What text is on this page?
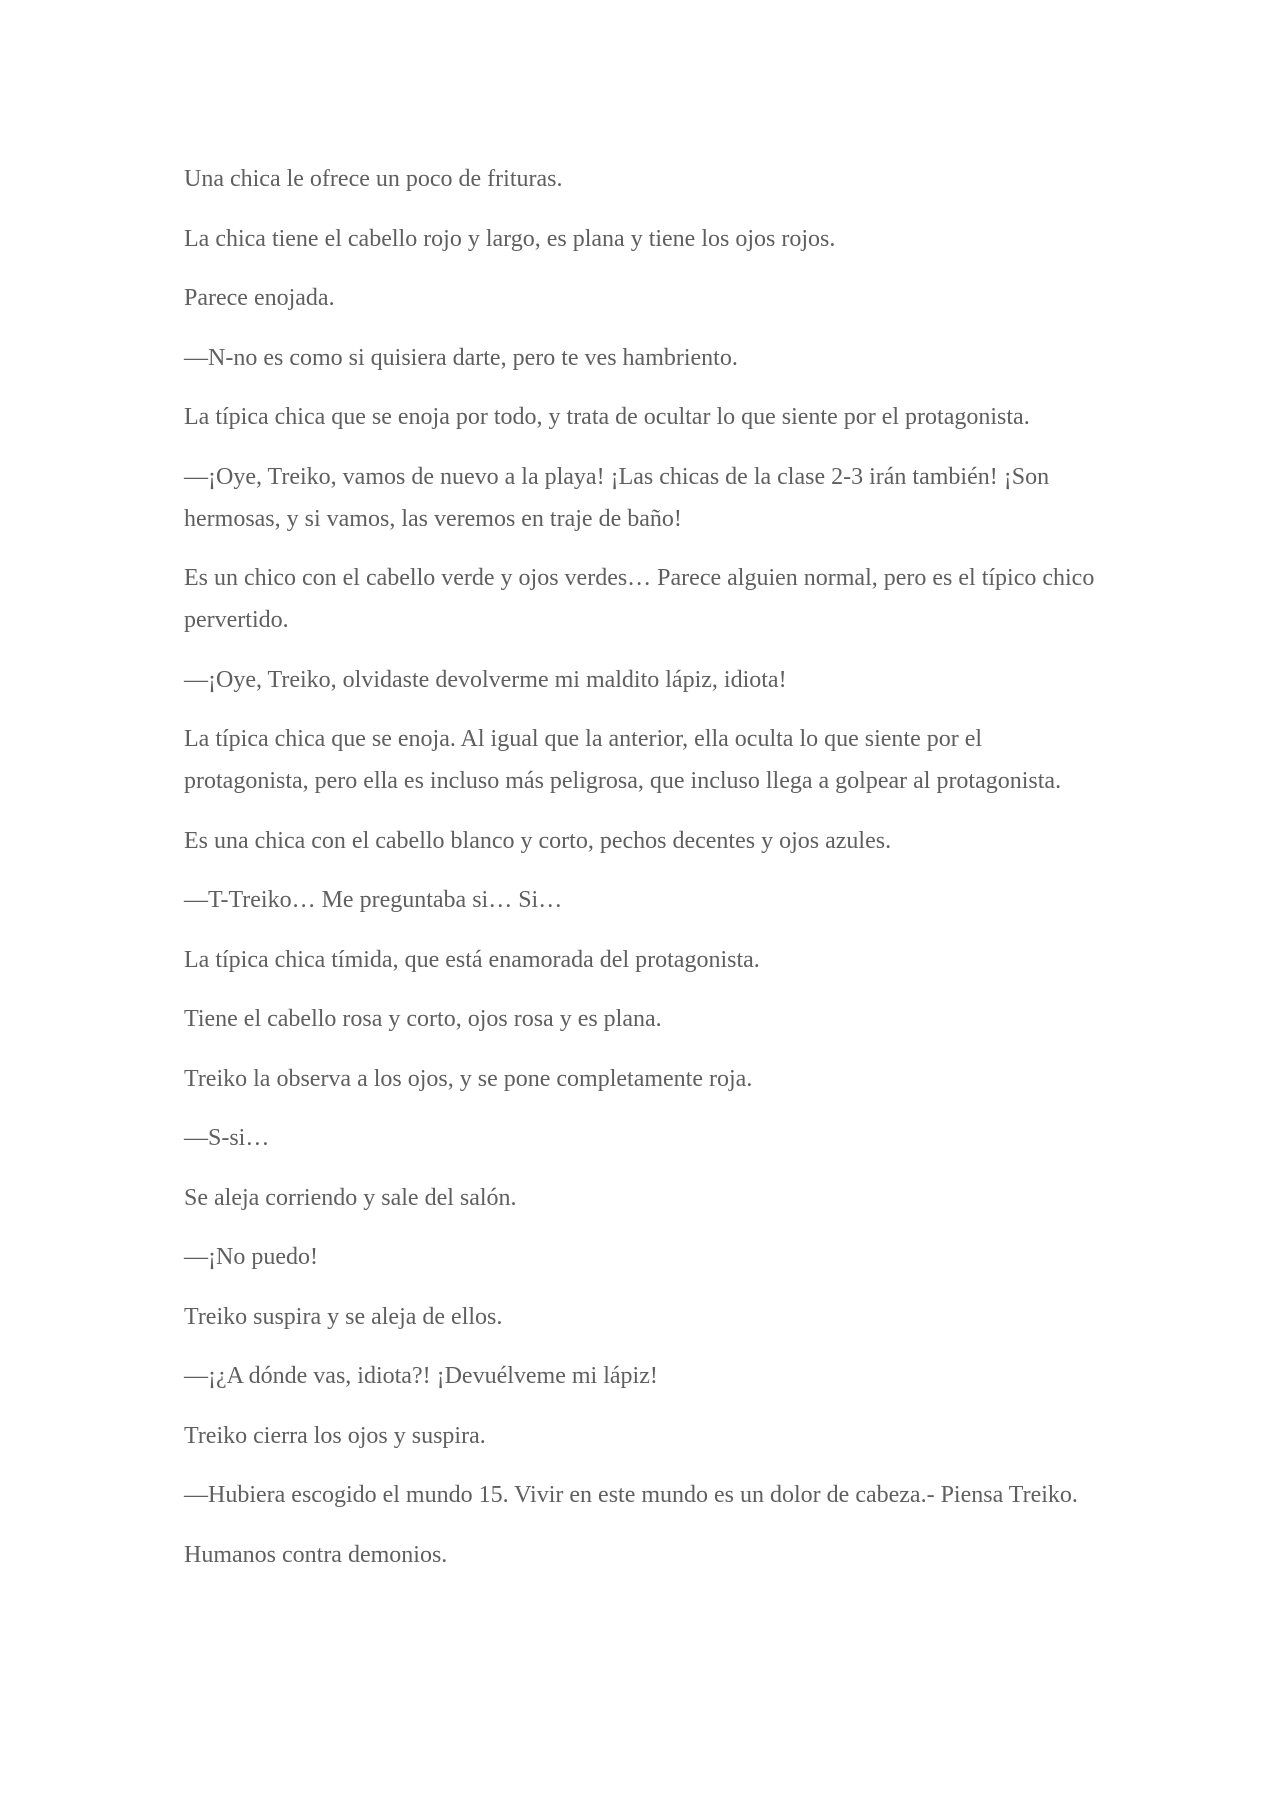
Una chica le ofrece un poco de frituras.

La chica tiene el cabello rojo y largo, es plana y tiene los ojos rojos.

Parece enojada.

—N-no es como si quisiera darte, pero te ves hambriento.

La típica chica que se enoja por todo, y trata de ocultar lo que siente por el protagonista.

—¡Oye, Treiko, vamos de nuevo a la playa! ¡Las chicas de la clase 2-3 irán también! ¡Son hermosas, y si vamos, las veremos en traje de baño!

Es un chico con el cabello verde y ojos verdes… Parece alguien normal, pero es el típico chico pervertido.

—¡Oye, Treiko, olvidaste devolverme mi maldito lápiz, idiota!

La típica chica que se enoja. Al igual que la anterior, ella oculta lo que siente por el protagonista, pero ella es incluso más peligrosa, que incluso llega a golpear al protagonista.

Es una chica con el cabello blanco y corto, pechos decentes y ojos azules.

—T-Treiko… Me preguntaba si… Si…

La típica chica tímida, que está enamorada del protagonista.

Tiene el cabello rosa y corto, ojos rosa y es plana.

Treiko la observa a los ojos, y se pone completamente roja.

—S-si…

Se aleja corriendo y sale del salón.

—¡No puedo!

Treiko suspira y se aleja de ellos.

—¡¿A dónde vas, idiota?! ¡Devuélveme mi lápiz!

Treiko cierra los ojos y suspira.

—Hubiera escogido el mundo 15. Vivir en este mundo es un dolor de cabeza.- Piensa Treiko.

Humanos contra demonios.
